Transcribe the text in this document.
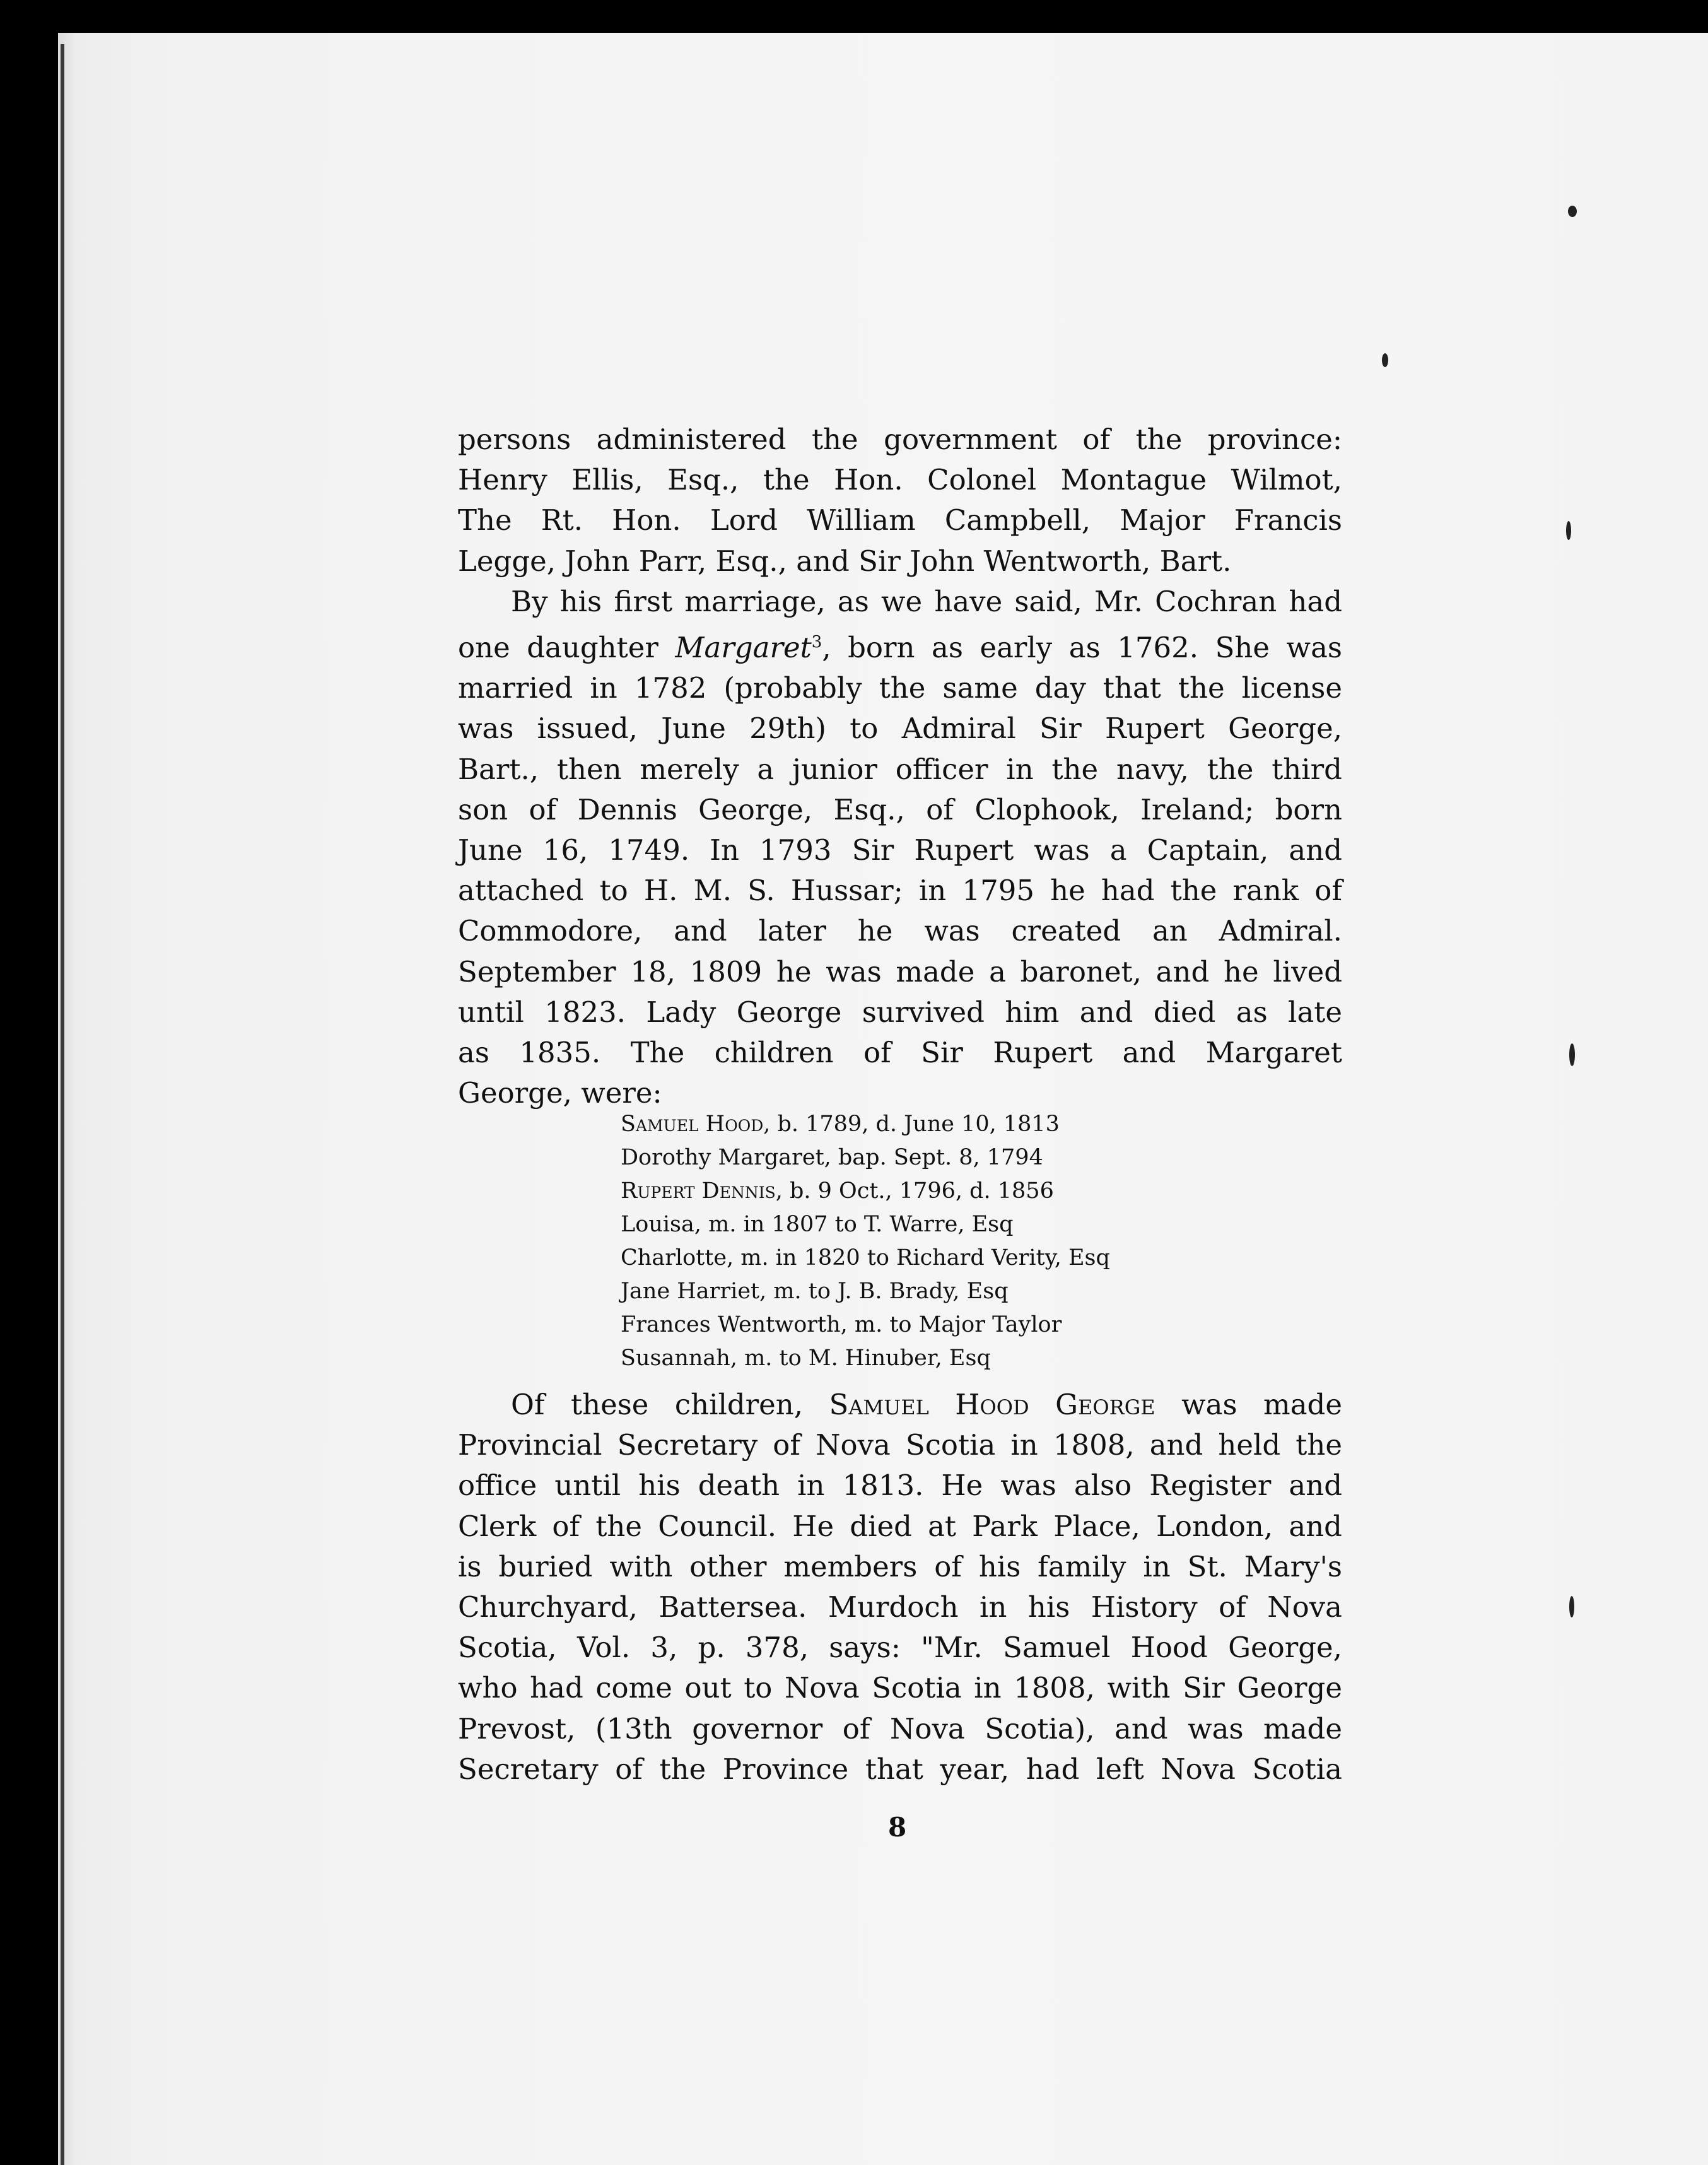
persons administered the government of the province:
Henry Ellis, Esq., the Hon. Colonel Montague Wilmot,
The Rt. Hon. Lord William Campbell, Major Francis
Legge, John Parr, Esq., and Sir John Wentworth, Bart.

By his first marriage, as we have said, Mr. Cochran had
one daughter Margaret$^3$, born as early as 1762. She was
married in 1782 (probably the same day that the license
was issued, June 29th) to Admiral Sir Rupert George,
Bart., then merely a junior officer in the navy, the third
son of Dennis George, Esq., of Clophook, Ireland; born
June 16, 1749. In 1793 Sir Rupert was a Captain, and
attached to H. M. S. Hussar; in 1795 he had the rank of
Commodore, and later he was created an Admiral.
September 18, 1809 he was made a baronet, and he lived
until 1823. Lady George survived him and died as late
as 1835. The children of Sir Rupert and Margaret
George, were:

Samuel Hood, b. 1789, d. June 10, 1813
Dorothy Margaret, bap. Sept. 8, 1794
Rupert Dennis, b. 9 Oct., 1796, d. 1856
Louisa, m. in 1807 to T. Warre, Esq
Charlotte, m. in 1820 to Richard Verity, Esq
Jane Harriet, m. to J. B. Brady, Esq
Frances Wentworth, m. to Major Taylor
Susannah, m. to M. Hinuber, Esq

Of these children, Samuel Hood George was made
Provincial Secretary of Nova Scotia in 1808, and held the
office until his death in 1813. He was also Register and
Clerk of the Council. He died at Park Place, London, and
is buried with other members of his family in St. Mary's
Churchyard, Battersea. Murdoch in his History of Nova
Scotia, Vol. 3, p. 378, says: "Mr. Samuel Hood George,
who had come out to Nova Scotia in 1808, with Sir George
Prevost, (13th governor of Nova Scotia), and was made
Secretary of the Province that year, had left Nova Scotia

8
